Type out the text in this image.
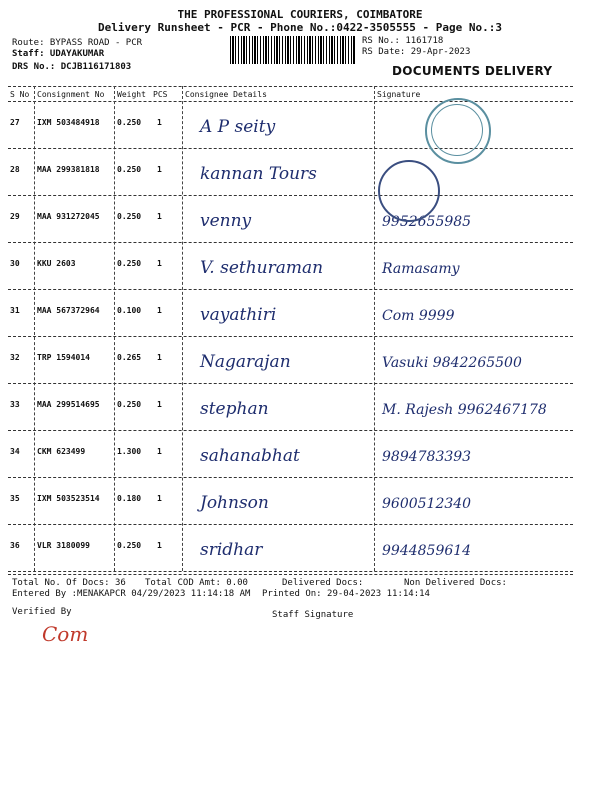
THE PROFESSIONAL COURIERS, COIMBATORE
Delivery Runsheet - PCR - Phone No.:0422-3505555 - Page No.:3
Route: BYPASS ROAD - PCR
Staff: UDAYAKUMAR
DRS No.: DCJB116171803
RS No.: 1161718
RS Date: 29-Apr-2023
DOCUMENTS DELIVERY
S No Consignment No Weight PCS Consignee Details	Signature
27 IXM 503484918 0.250 1 A P seity
28 MAA 299381818 0.250 1 kannan Tours
29 MAA 931272045 0.250 1 venny	9952655985
30 KKU 2603	0.250 1 V. sethuraman	Ramasamy
31 MAA 567372964 0.100 1 vayathiri	Com 9999
32 TRP 1594014	0.265 1 Nagarajan	Vasuki 9842265500
33 MAA 299514695 0.250 1 stephan	M. Rajesh 9962467178
34 CKM 623499	1.300 1 sahanabhat	9894783393
35 IXM 503523514 0.180 1 Johnson	9600512340
36 VLR 3180099	0.250 1 sridhar	9944859614
Total No. Of Docs: 36 Total COD Amt: 0.00	Delivered Docs:	Non Delivered Docs:
Entered By :MENAKAPCR 04/29/2023 11:14:18 AM Printed On: 29-04-2023 11:14:14
Verified By	Staff Signature
Com
